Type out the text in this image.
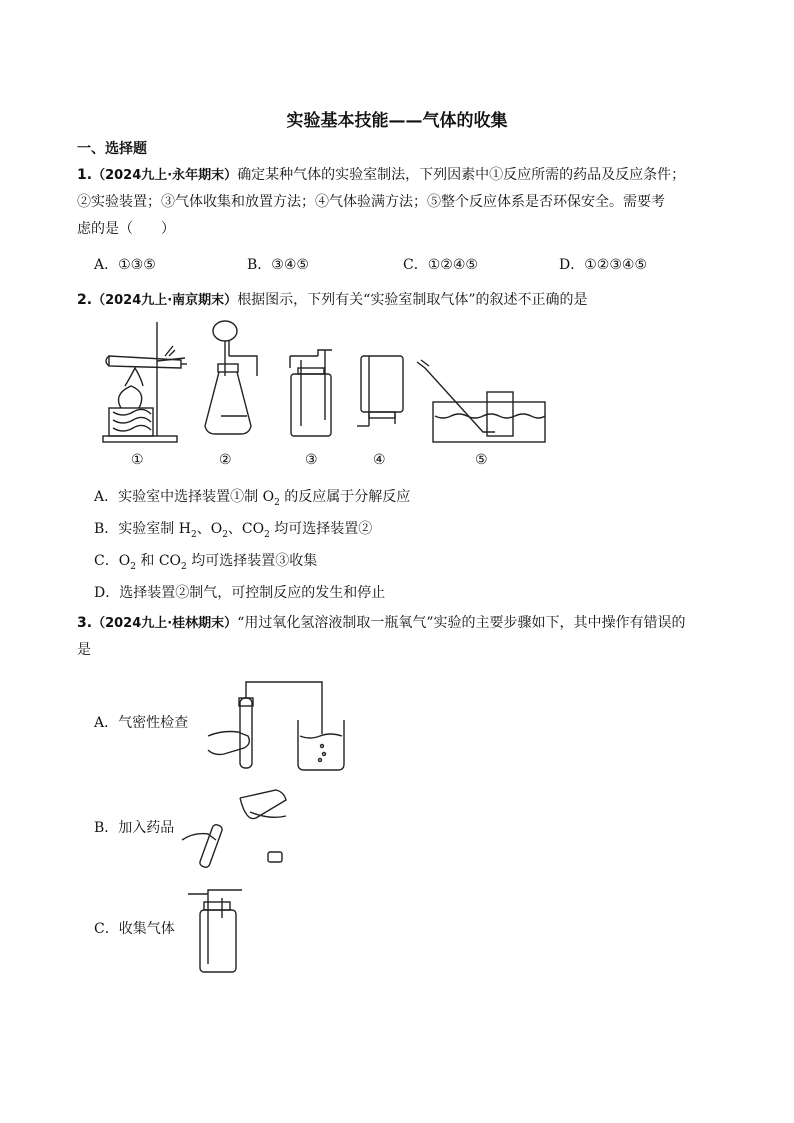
实验基本技能——气体的收集
一、选择题
1.（2024九上·永年期末）确定某种气体的实验室制法，下列因素中①反应所需的药品及反应条件；
②实验装置；③气体收集和放置方法；④气体验满方法；⑤整个反应体系是否环保安全。需要考
虑的是（　　）
A．①③⑤	B．③④⑤	C．①②④⑤	D．①②③④⑤
2.（2024九上·南京期末）根据图示，下列有关“实验室制取气体”的叙述不正确的是
①	②	③	④	⑤
A．实验室中选择装置①制 $O_2$ 的反应属于分解反应
B．实验室制 $H_2$、$O_2$、$CO_2$ 均可选择装置②
C．$O_2$ 和 $CO_2$ 均可选择装置③收集
D．选择装置②制气，可控制反应的发生和停止
3.（2024九上·桂林期末）“用过氧化氢溶液制取一瓶氧气”实验的主要步骤如下，其中操作有错误的
是
A．气密性检查
B．加入药品
C．收集气体
